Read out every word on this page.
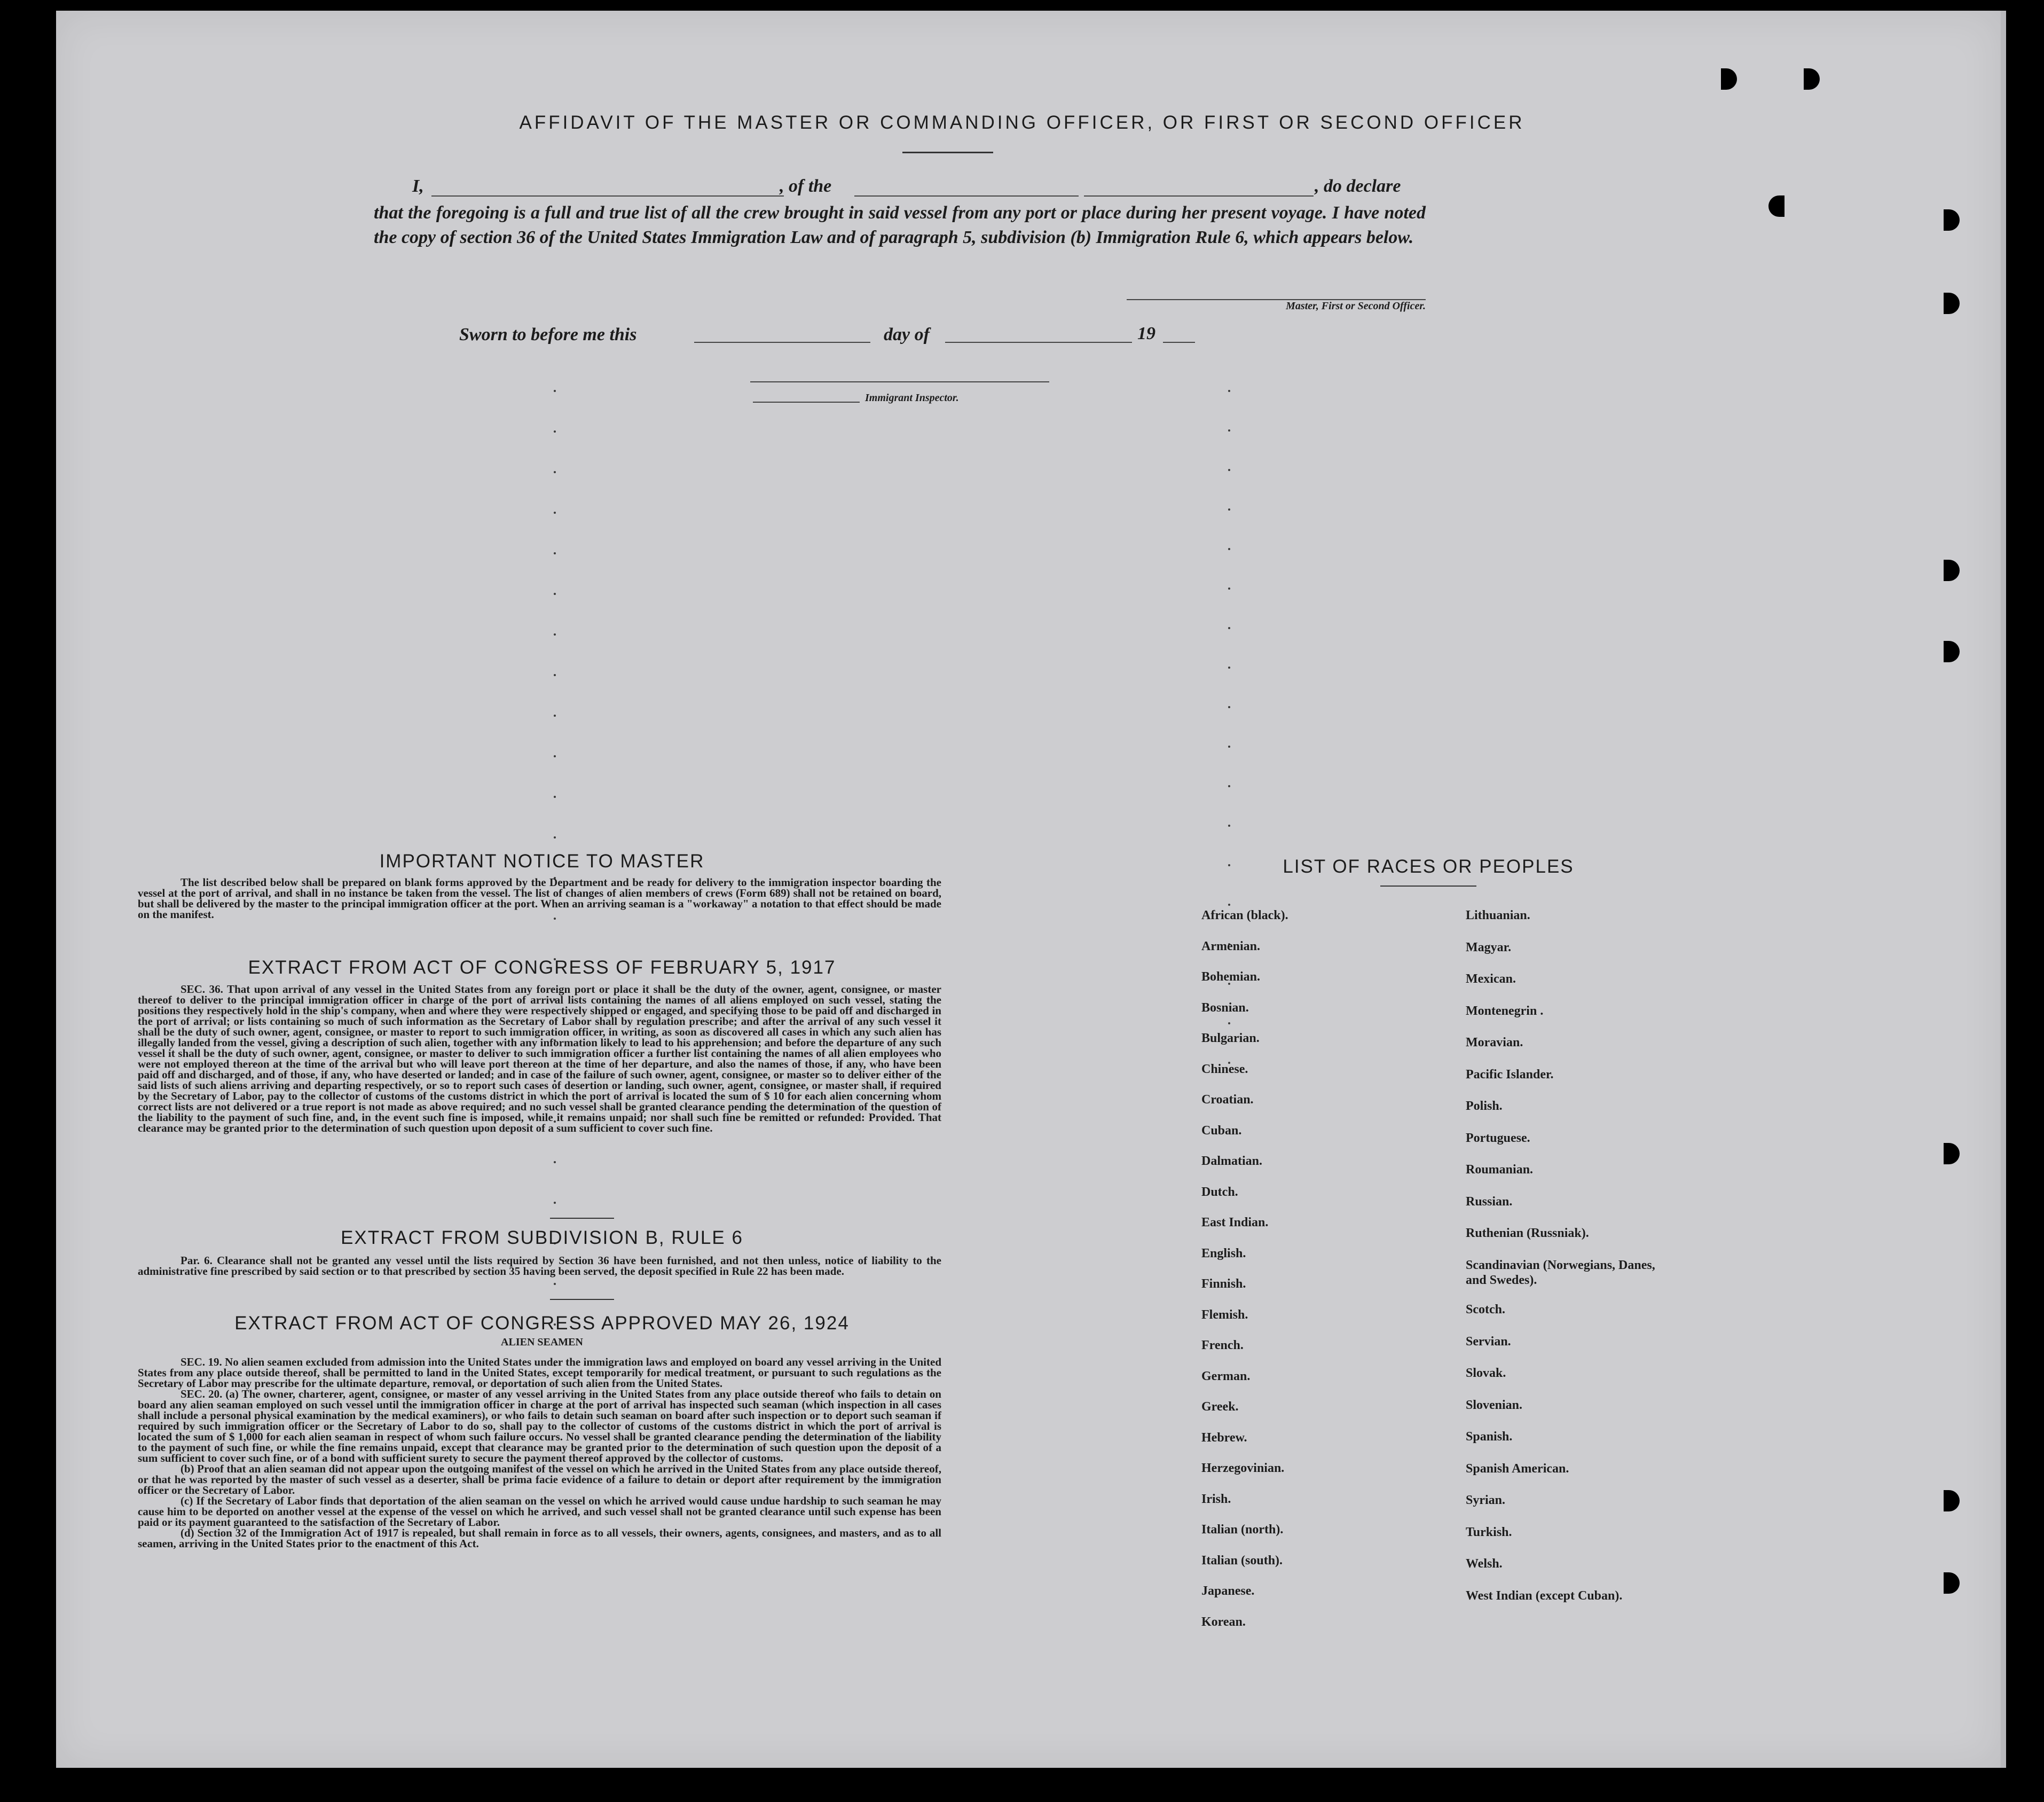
AFFIDAVIT OF THE MASTER OR COMMANDING OFFICER, OR FIRST OR SECOND OFFICER
I,	, of the	, do declare
that the foregoing is a full and true list of all the crew brought in said vessel from any port or place during her present voyage. I have noted the copy of section 36 of the United States Immigration Law and of paragraph 5, subdivision (b) Immigration Rule 6, which appears below.
Master, First or Second Officer.
Sworn to before me this	day of	19
Immigrant Inspector.
IMPORTANT NOTICE TO MASTER
The list described below shall be prepared on blank forms approved by the Department and be ready for delivery to the immigration inspector boarding the vessel at the port of arrival, and shall in no instance be taken from the vessel. The list of changes of alien members of crews (Form 689) shall not be retained on board, but shall be delivered by the master to the principal immigration officer at the port. When an arriving seaman is a "workaway" a notation to that effect should be made on the manifest.
EXTRACT FROM ACT OF CONGRESS OF FEBRUARY 5, 1917
SEC. 36. That upon arrival of any vessel in the United States from any foreign port or place it shall be the duty of the owner, agent, consignee, or master thereof to deliver to the principal immigration officer in charge of the port of arrival lists containing the names of all aliens employed on such vessel, stating the positions they respectively hold in the ship's company, when and where they were respectively shipped or engaged, and specifying those to be paid off and discharged in the port of arrival; or lists containing so much of such information as the Secretary of Labor shall by regulation prescribe; and after the arrival of any such vessel it shall be the duty of such owner, agent, consignee, or master to report to such immigration officer, in writing, as soon as discovered all cases in which any such alien has illegally landed from the vessel, giving a description of such alien, together with any information likely to lead to his apprehension; and before the departure of any such vessel it shall be the duty of such owner, agent, consignee, or master to deliver to such immigration officer a further list containing the names of all alien employees who were not employed thereon at the time of the arrival but who will leave port thereon at the time of her departure, and also the names of those, if any, who have been paid off and discharged, and of those, if any, who have deserted or landed; and in case of the failure of such owner, agent, consignee, or master so to deliver either of the said lists of such aliens arriving and departing respectively, or so to report such cases of desertion or landing, such owner, agent, consignee, or master shall, if required by the Secretary of Labor, pay to the collector of customs of the customs district in which the port of arrival is located the sum of $ 10 for each alien concerning whom correct lists are not delivered or a true report is not made as above required; and no such vessel shall be granted clearance pending the determination of the question of the liability to the payment of such fine, and, in the event such fine is imposed, while it remains unpaid; nor shall such fine be remitted or refunded: Provided. That clearance may be granted prior to the determination of such question upon deposit of a sum sufficient to cover such fine.
EXTRACT FROM SUBDIVISION B, RULE 6
Par. 6. Clearance shall not be granted any vessel until the lists required by Section 36 have been furnished, and not then unless, notice of liability to the administrative fine prescribed by said section or to that prescribed by section 35 having been served, the deposit specified in Rule 22 has been made.
EXTRACT FROM ACT OF CONGRESS APPROVED MAY 26, 1924
ALIEN SEAMEN
SEC. 19. No alien seamen excluded from admission into the United States under the immigration laws and employed on board any vessel arriving in the United States from any place outside thereof, shall be permitted to land in the United States, except temporarily for medical treatment, or pursuant to such regulations as the Secretary of Labor may prescribe for the ultimate departure, removal, or deportation of such alien from the United States.
SEC. 20. (a) The owner, charterer, agent, consignee, or master of any vessel arriving in the United States from any place outside thereof who fails to detain on board any alien seaman employed on such vessel until the immigration officer in charge at the port of arrival has inspected such seaman (which inspection in all cases shall include a personal physical examination by the medical examiners), or who fails to detain such seaman on board after such inspection or to deport such seaman if required by such immigration officer or the Secretary of Labor to do so, shall pay to the collector of customs of the customs district in which the port of arrival is located the sum of $ 1,000 for each alien seaman in respect of whom such failure occurs. No vessel shall be granted clearance pending the determination of the liability to the payment of such fine, or while the fine remains unpaid, except that clearance may be granted prior to the determination of such question upon the deposit of a sum sufficient to cover such fine, or of a bond with sufficient surety to secure the payment thereof approved by the collector of customs.
(b) Proof that an alien seaman did not appear upon the outgoing manifest of the vessel on which he arrived in the United States from any place outside thereof, or that he was reported by the master of such vessel as a deserter, shall be prima facie evidence of a failure to detain or deport after requirement by the immigration officer or the Secretary of Labor.
(c) If the Secretary of Labor finds that deportation of the alien seaman on the vessel on which he arrived would cause undue hardship to such seaman he may cause him to be deported on another vessel at the expense of the vessel on which he arrived, and such vessel shall not be granted clearance until such expense has been paid or its payment guaranteed to the satisfaction of the Secretary of Labor.
(d) Section 32 of the Immigration Act of 1917 is repealed, but shall remain in force as to all vessels, their owners, agents, consignees, and masters, and as to all seamen, arriving in the United States prior to the enactment of this Act.
LIST OF RACES OR PEOPLES
African (black).
Armenian.
Bohemian.
Bosnian.
Bulgarian.
Chinese.
Croatian.
Cuban.
Dalmatian.
Dutch.
East Indian.
English.
Finnish.
Flemish.
French.
German.
Greek.
Hebrew.
Herzegovinian.
Irish.
Italian (north).
Italian (south).
Japanese.
Korean.
Lithuanian.
Magyar.
Mexican.
Montenegrin .
Moravian.
Pacific Islander.
Polish.
Portuguese.
Roumanian.
Russian.
Ruthenian (Russniak).
Scandinavian (Norwegians, Danes, and Swedes).
Scotch.
Servian.
Slovak.
Slovenian.
Spanish.
Spanish American.
Syrian.
Turkish.
Welsh.
West Indian (except Cuban).
